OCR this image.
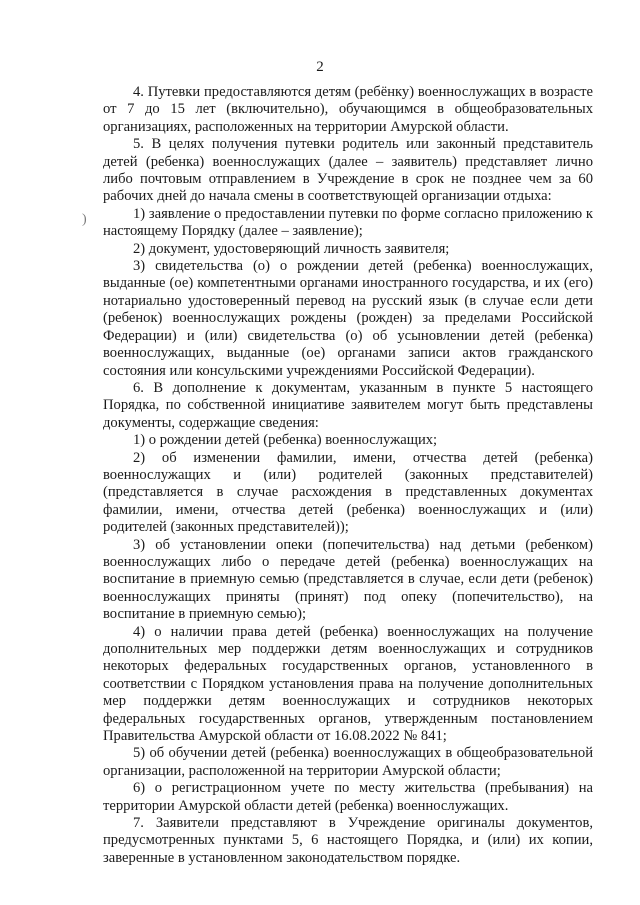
2
)

4. Путевки предоставляются детям (ребёнку) военнослужащих в возрасте от 7 до 15 лет (включительно), обучающимся в общеобразовательных организациях, расположенных на территории Амурской области.

5. В целях получения путевки родитель или законный представитель детей (ребенка) военнослужащих (далее – заявитель) представляет лично либо почтовым отправлением в Учреждение в срок не позднее чем за 60 рабочих дней до начала смены в соответствующей организации отдыха:

1) заявление о предоставлении путевки по форме согласно приложению к настоящему Порядку (далее – заявление);

2) документ, удостоверяющий личность заявителя;

3) свидетельства (о) о рождении детей (ребенка) военнослужащих, выданные (ое) компетентными органами иностранного государства, и их (его) нотариально удостоверенный перевод на русский язык (в случае если дети (ребенок) военнослужащих рождены (рожден) за пределами Российской Федерации) и (или) свидетельства (о) об усыновлении детей (ребенка) военнослужащих, выданные (ое) органами записи актов гражданского состояния или консульскими учреждениями Российской Федерации).

6. В дополнение к документам, указанным в пункте 5 настоящего Порядка, по собственной инициативе заявителем могут быть представлены документы, содержащие сведения:

1) о рождении детей (ребенка) военнослужащих;

2) об изменении фамилии, имени, отчества детей (ребенка) военнослужащих и (или) родителей (законных представителей) (представляется в случае расхождения в представленных документах фамилии, имени, отчества детей (ребенка) военнослужащих и (или) родителей (законных представителей));

3) об установлении опеки (попечительства) над детьми (ребенком) военнослужащих либо о передаче детей (ребенка) военнослужащих на воспитание в приемную семью (представляется в случае, если дети (ребенок) военнослужащих приняты (принят) под опеку (попечительство), на воспитание в приемную семью);

4) о наличии права детей (ребенка) военнослужащих на получение дополнительных мер поддержки детям военнослужащих и сотрудников некоторых федеральных государственных органов, установленного в соответствии с Порядком установления права на получение дополнительных мер поддержки детям военнослужащих и сотрудников некоторых федеральных государственных органов, утвержденным постановлением Правительства Амурской области от 16.08.2022 № 841;

5) об обучении детей (ребенка) военнослужащих в общеобразовательной организации, расположенной на территории Амурской области;

6) о регистрационном учете по месту жительства (пребывания) на территории Амурской области детей (ребенка) военнослужащих.

7. Заявители представляют в Учреждение оригиналы документов, предусмотренных пунктами 5, 6 настоящего Порядка, и (или) их копии, заверенные в установленном законодательством порядке.
